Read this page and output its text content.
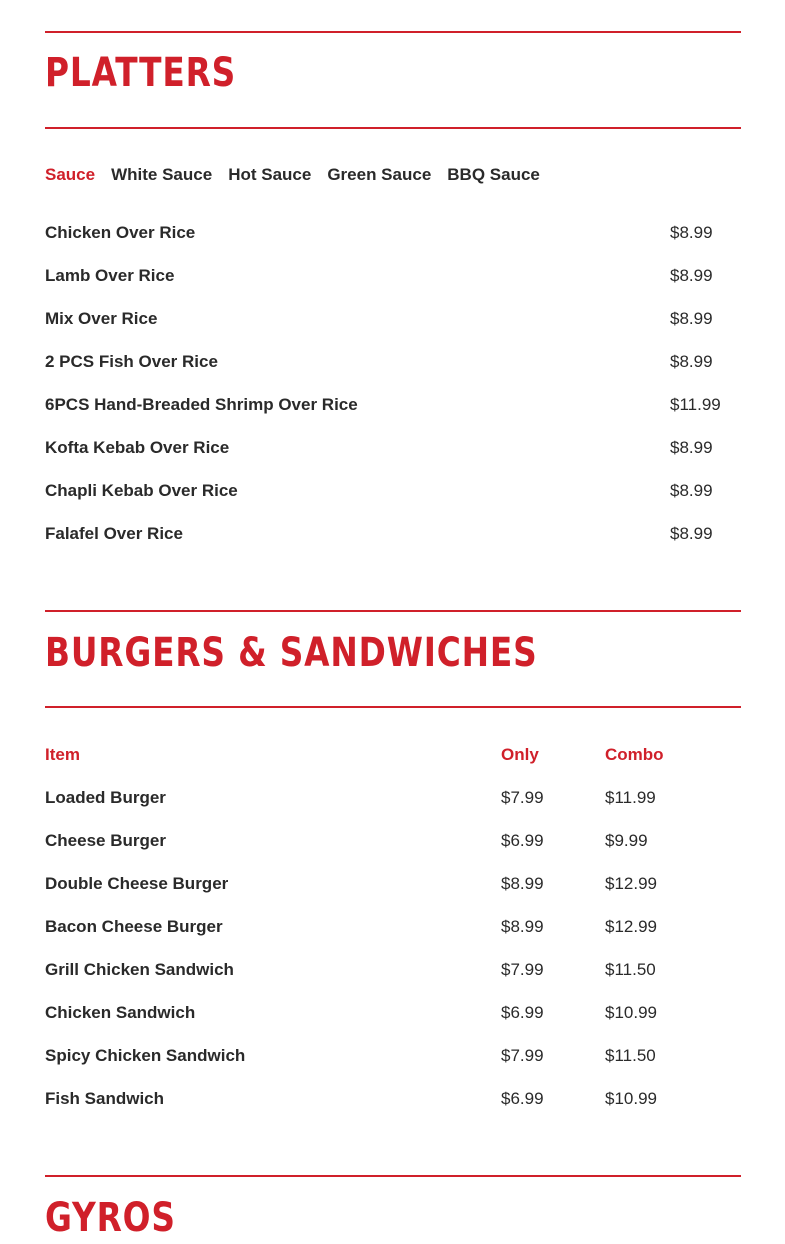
PLATTERS
Sauce White Sauce Hot Sauce Green Sauce BBQ Sauce
Chicken Over Rice	$8.99
Lamb Over Rice	$8.99
Mix Over Rice	$8.99
2 PCS Fish Over Rice	$8.99
6PCS Hand-Breaded Shrimp Over Rice	$11.99
Kofta Kebab Over Rice	$8.99
Chapli Kebab Over Rice	$8.99
Falafel Over Rice	$8.99
BURGERS & SANDWICHES
Item	Only	Combo
Loaded Burger	$7.99	$11.99
Cheese Burger	$6.99	$9.99
Double Cheese Burger	$8.99	$12.99
Bacon Cheese Burger	$8.99	$12.99
Grill Chicken Sandwich	$7.99	$11.50
Chicken Sandwich	$6.99	$10.99
Spicy Chicken Sandwich	$7.99	$11.50
Fish Sandwich	$6.99	$10.99
GYROS
